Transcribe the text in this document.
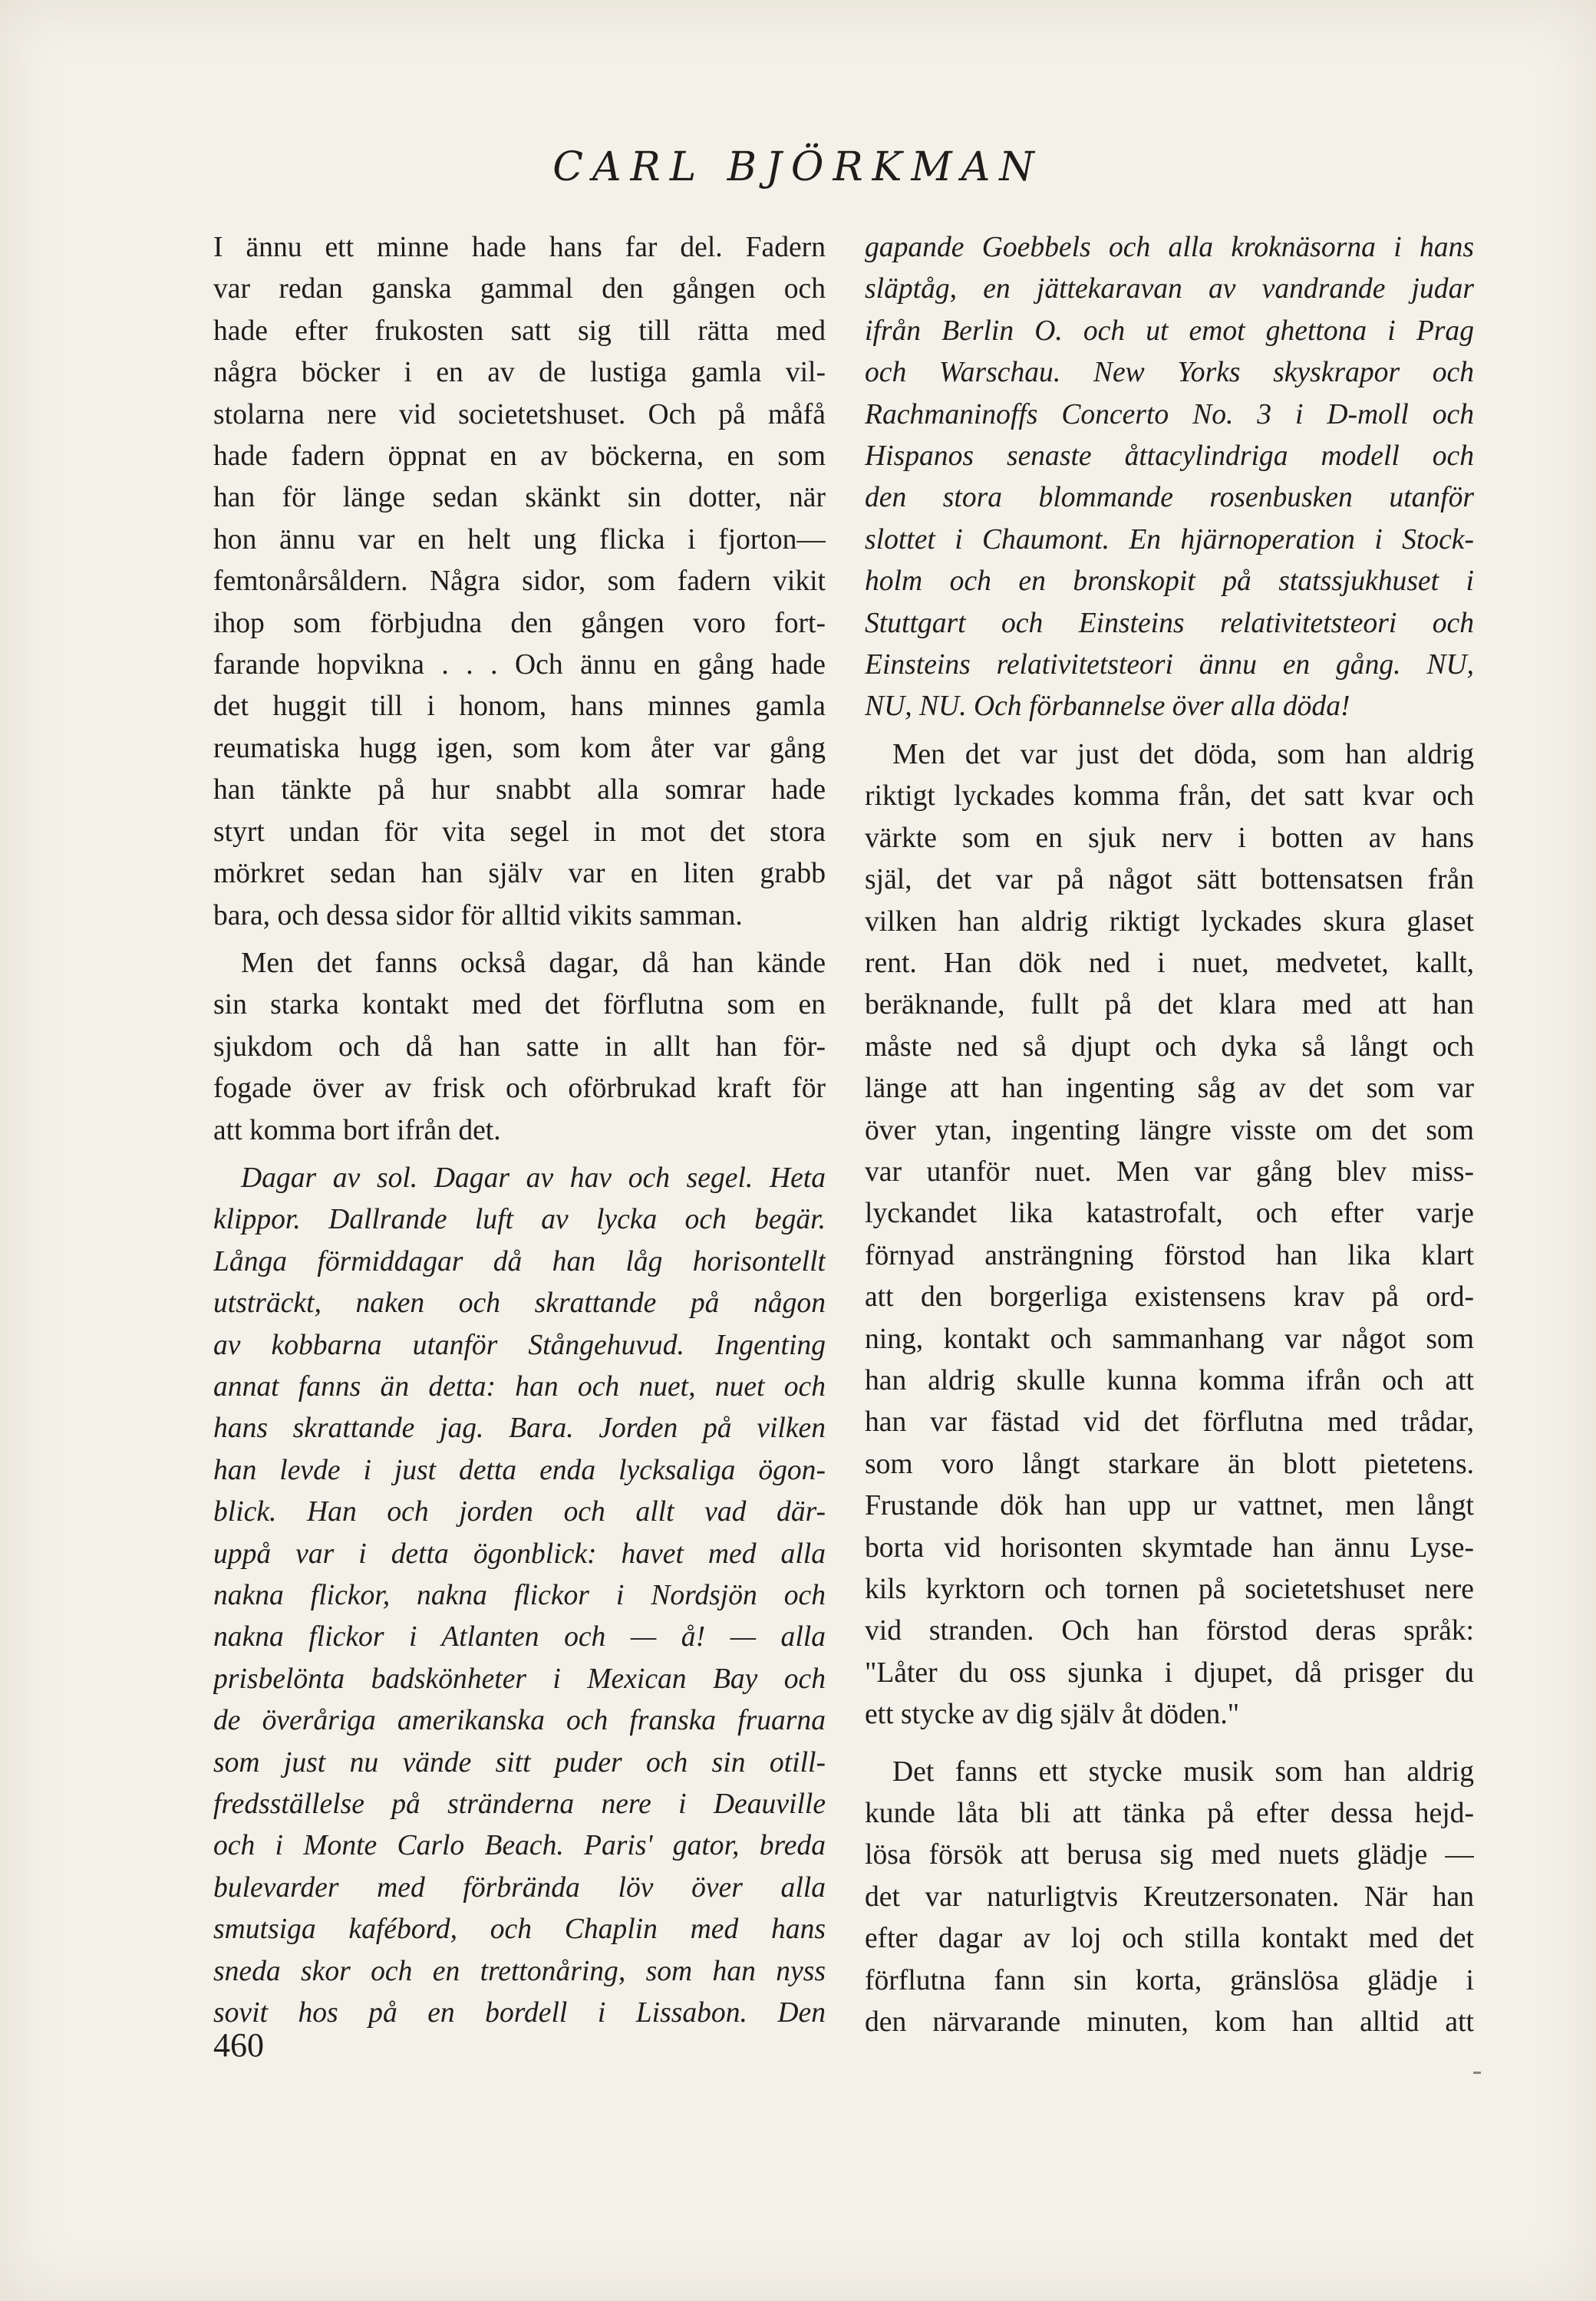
CARL BJÖRKMAN
I ännu ett minne hade hans far del. Fadern
var redan ganska gammal den gången och
hade efter frukosten satt sig till rätta med
några böcker i en av de lustiga gamla vil-
stolarna nere vid societetshuset. Och på måfå
hade fadern öppnat en av böckerna, en som
han för länge sedan skänkt sin dotter, när
hon ännu var en helt ung flicka i fjorton—
femtonårsåldern. Några sidor, som fadern vikit
ihop som förbjudna den gången voro fort-
farande hopvikna . . . Och ännu en gång hade
det huggit till i honom, hans minnes gamla
reumatiska hugg igen, som kom åter var gång
han tänkte på hur snabbt alla somrar hade
styrt undan för vita segel in mot det stora
mörkret sedan han själv var en liten grabb
bara, och dessa sidor för alltid vikits samman.
Men det fanns också dagar, då han kände
sin starka kontakt med det förflutna som en
sjukdom och då han satte in allt han för-
fogade över av frisk och oförbrukad kraft för
att komma bort ifrån det.
Dagar av sol. Dagar av hav och segel. Heta
klippor. Dallrande luft av lycka och begär.
Långa förmiddagar då han låg horisontellt
utsträckt, naken och skrattande på någon
av kobbarna utanför Stångehuvud. Ingenting
annat fanns än detta: han och nuet, nuet och
hans skrattande jag. Bara. Jorden på vilken
han levde i just detta enda lycksaliga ögon-
blick. Han och jorden och allt vad där-
uppå var i detta ögonblick: havet med alla
nakna flickor, nakna flickor i Nordsjön och
nakna flickor i Atlanten och — å! — alla
prisbelönta badskönheter i Mexican Bay och
de överåriga amerikanska och franska fruarna
som just nu vände sitt puder och sin otill-
fredsställelse på stränderna nere i Deauville
och i Monte Carlo Beach. Paris' gator, breda
bulevarder med förbrända löv över alla
smutsiga kafébord, och Chaplin med hans
sneda skor och en trettonåring, som han nyss
sovit hos på en bordell i Lissabon. Den
gapande Goebbels och alla kroknäsorna i hans
släptåg, en jättekaravan av vandrande judar
ifrån Berlin O. och ut emot ghettona i Prag
och Warschau. New Yorks skyskrapor och
Rachmaninoffs Concerto No. 3 i D-moll och
Hispanos senaste åttacylindriga modell och
den stora blommande rosenbusken utanför
slottet i Chaumont. En hjärnoperation i Stock-
holm och en bronskopit på statssjukhuset i
Stuttgart och Einsteins relativitetsteori och
Einsteins relativitetsteori ännu en gång. NU,
NU, NU. Och förbannelse över alla döda!
Men det var just det döda, som han aldrig
riktigt lyckades komma från, det satt kvar och
värkte som en sjuk nerv i botten av hans
själ, det var på något sätt bottensatsen från
vilken han aldrig riktigt lyckades skura glaset
rent. Han dök ned i nuet, medvetet, kallt,
beräknande, fullt på det klara med att han
måste ned så djupt och dyka så långt och
länge att han ingenting såg av det som var
över ytan, ingenting längre visste om det som
var utanför nuet. Men var gång blev miss-
lyckandet lika katastrofalt, och efter varje
förnyad ansträngning förstod han lika klart
att den borgerliga existensens krav på ord-
ning, kontakt och sammanhang var något som
han aldrig skulle kunna komma ifrån och att
han var fästad vid det förflutna med trådar,
som voro långt starkare än blott pietetens.
Frustande dök han upp ur vattnet, men långt
borta vid horisonten skymtade han ännu Lyse-
kils kyrktorn och tornen på societetshuset nere
vid stranden. Och han förstod deras språk:
"Låter du oss sjunka i djupet, då prisger du
ett stycke av dig själv åt döden."
Det fanns ett stycke musik som han aldrig
kunde låta bli att tänka på efter dessa hejd-
lösa försök att berusa sig med nuets glädje —
det var naturligtvis Kreutzersonaten. När han
efter dagar av loj och stilla kontakt med det
förflutna fann sin korta, gränslösa glädje i
den närvarande minuten, kom han alltid att
460
